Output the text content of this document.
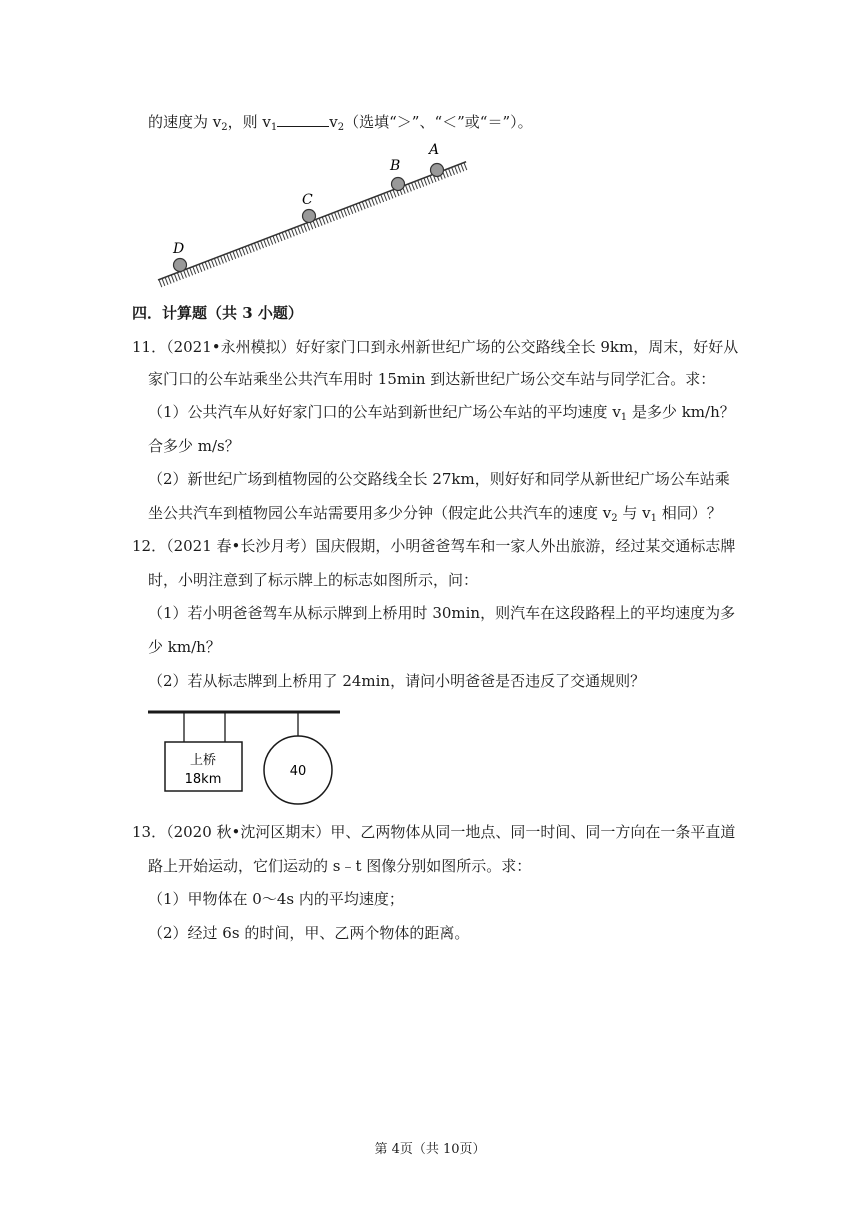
的速度为 $v_2$，则 $v_1$	$v_2$（选填“＞”、“＜”或“＝”）。
A
B
C
D
四．计算题（共 3 小题）
11．（2021•永州模拟）好好家门口到永州新世纪广场的公交路线全长 9km，周末，好好从
家门口的公车站乘坐公共汽车用时 15min 到达新世纪广场公交车站与同学汇合。求：
（1）公共汽车从好好家门口的公车站到新世纪广场公车站的平均速度 $v_1$ 是多少 km/h？
合多少 m/s？
（2）新世纪广场到植物园的公交路线全长 27km，则好好和同学从新世纪广场公车站乘
坐公共汽车到植物园公车站需要用多少分钟（假定此公共汽车的速度 $v_2$ 与 $v_1$ 相同）？
12．（2021 春•长沙月考）国庆假期，小明爸爸驾车和一家人外出旅游，经过某交通标志牌
时，小明注意到了标示牌上的标志如图所示，问：
（1）若小明爸爸驾车从标示牌到上桥用时 30min，则汽车在这段路程上的平均速度为多
少 km/h？
（2）若从标志牌到上桥用了 24min，请问小明爸爸是否违反了交通规则？
上桥
18km
40
13．（2020 秋•沈河区期末）甲、乙两物体从同一地点、同一时间、同一方向在一条平直道
路上开始运动，它们运动的 s﹣t 图像分别如图所示。求：
（1）甲物体在 0～4s 内的平均速度；
（2）经过 6s 的时间，甲、乙两个物体的距离。
第 4页（共 10页）
